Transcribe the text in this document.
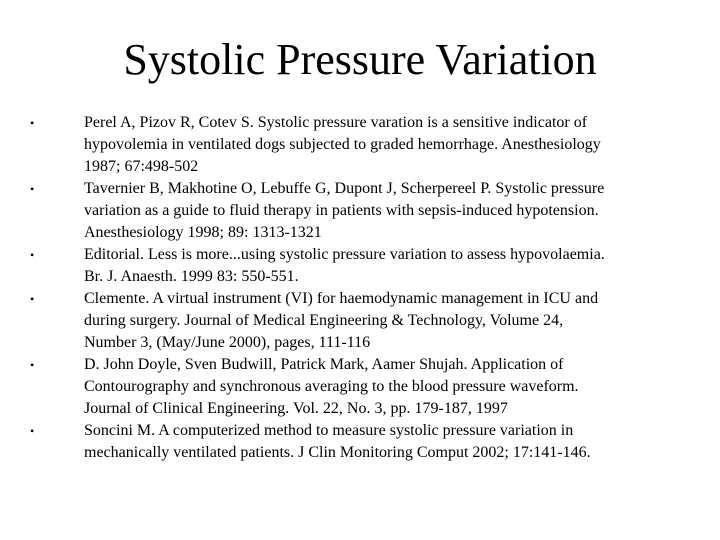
Systolic Pressure Variation
•	Perel A, Pizov R, Cotev S. Systolic pressure varation is a sensitive indicator of
hypovolemia in ventilated dogs subjected to graded hemorrhage. Anesthesiology
1987; 67:498-502
•	Tavernier B, Makhotine O, Lebuffe G, Dupont J, Scherpereel P. Systolic pressure
variation as a guide to fluid therapy in patients with sepsis-induced hypotension.
Anesthesiology 1998; 89: 1313-1321
•	Editorial. Less is more...using systolic pressure variation to assess hypovolaemia.
Br. J. Anaesth. 1999 83: 550-551.
•	Clemente. A virtual instrument (VI) for haemodynamic management in ICU and
during surgery. Journal of Medical Engineering & Technology, Volume 24,
Number 3, (May/June 2000), pages, 111-116
•	D. John Doyle, Sven Budwill, Patrick Mark, Aamer Shujah. Application of
Contourography and synchronous averaging to the blood pressure waveform.
Journal of Clinical Engineering. Vol. 22, No. 3, pp. 179-187, 1997
•	Soncini M. A computerized method to measure systolic pressure variation in
mechanically ventilated patients. J Clin Monitoring Comput 2002; 17:141-146.
